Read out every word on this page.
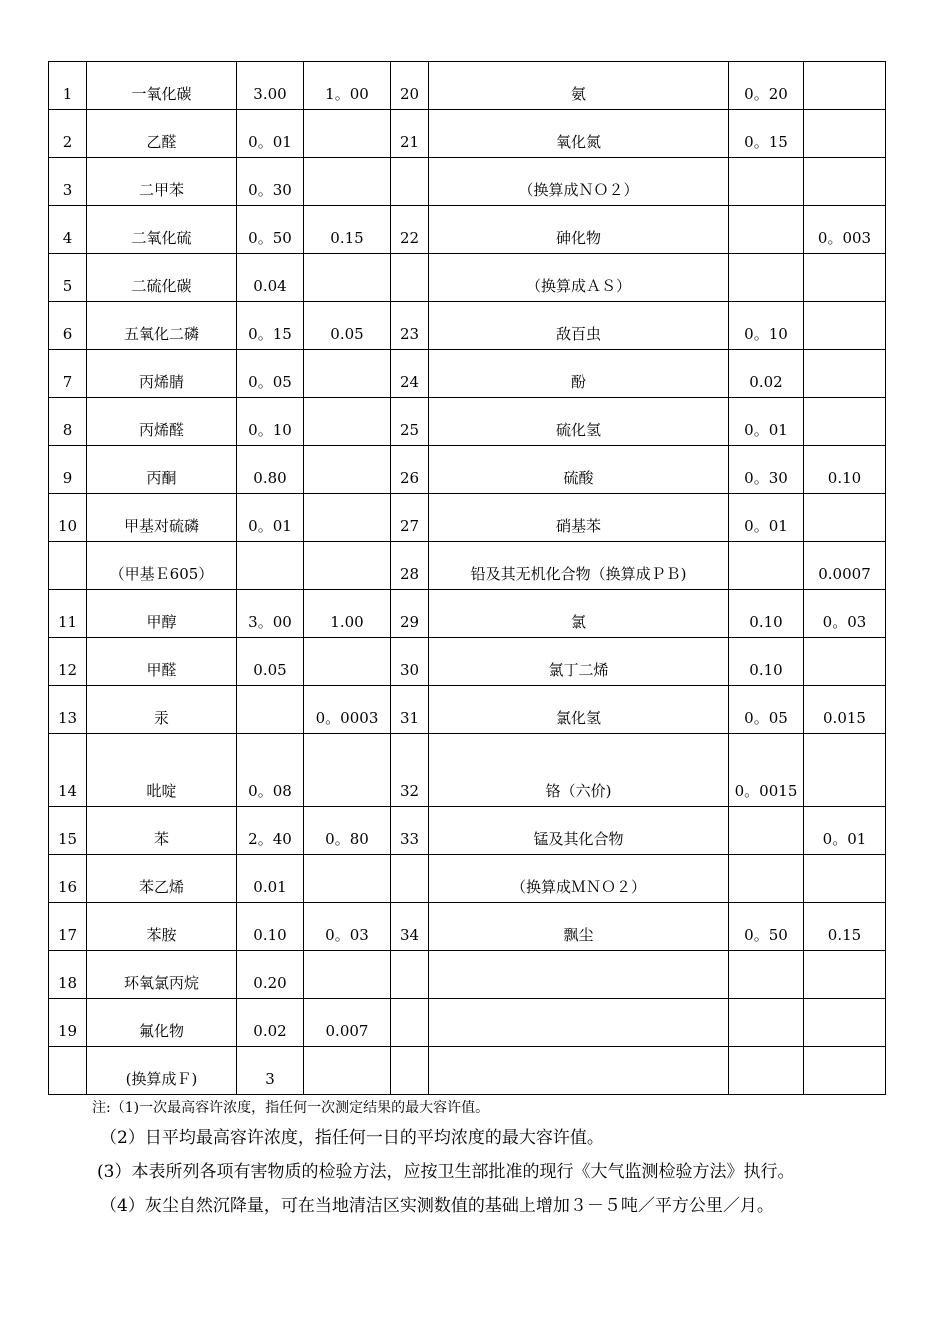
1	一氧化碳	3.00	1。00	20	氨	0。20	
2	乙醛	0。01		21	氧化氮	0。15	
3	二甲苯	0。30			（换算成ＮＯ２）		
4	二氧化硫	0。50	0.15	22	砷化物		0。003
5	二硫化碳	0.04			（换算成ＡＳ）		
6	五氧化二磷	0。15	0.05	23	敌百虫	0。10	
7	丙烯腈	0。05		24	酚	0.02	
8	丙烯醛	0。10		25	硫化氢	0。01	
9	丙酮	0.80		26	硫酸	0。30	0.10
10	甲基对硫磷	0。01		27	硝基苯	0。01	
	（甲基Ｅ605）			28	铅及其无机化合物（换算成ＰＢ)		0.0007
11	甲醇	3。00	1.00	29	氯	0.10	0。03
12	甲醛	0.05		30	氯丁二烯	0.10	
13	汞		0。0003	31	氯化氢	0。05	0.015
14	吡啶	0。08		32	铬（六价)	0。0015	
15	苯	2。40	0。80	33	锰及其化合物		0。01
16	苯乙烯	0.01			（换算成ＭＮＯ２）		
17	苯胺	0.10	0。03	34	飘尘	0。50	0.15
18	环氧氯丙烷	0.20					
19	氟化物	0.02	0.007				
	(换算成Ｆ)	3					

注:（1)一次最高容许浓度，指任何一次测定结果的最大容许值。

（2）日平均最高容许浓度，指任何一日的平均浓度的最大容许值。

(3）本表所列各项有害物质的检验方法，应按卫生部批准的现行《大气监测检验方法》执行。

（4）灰尘自然沉降量，可在当地清洁区实测数值的基础上增加３－５吨／平方公里／月。
